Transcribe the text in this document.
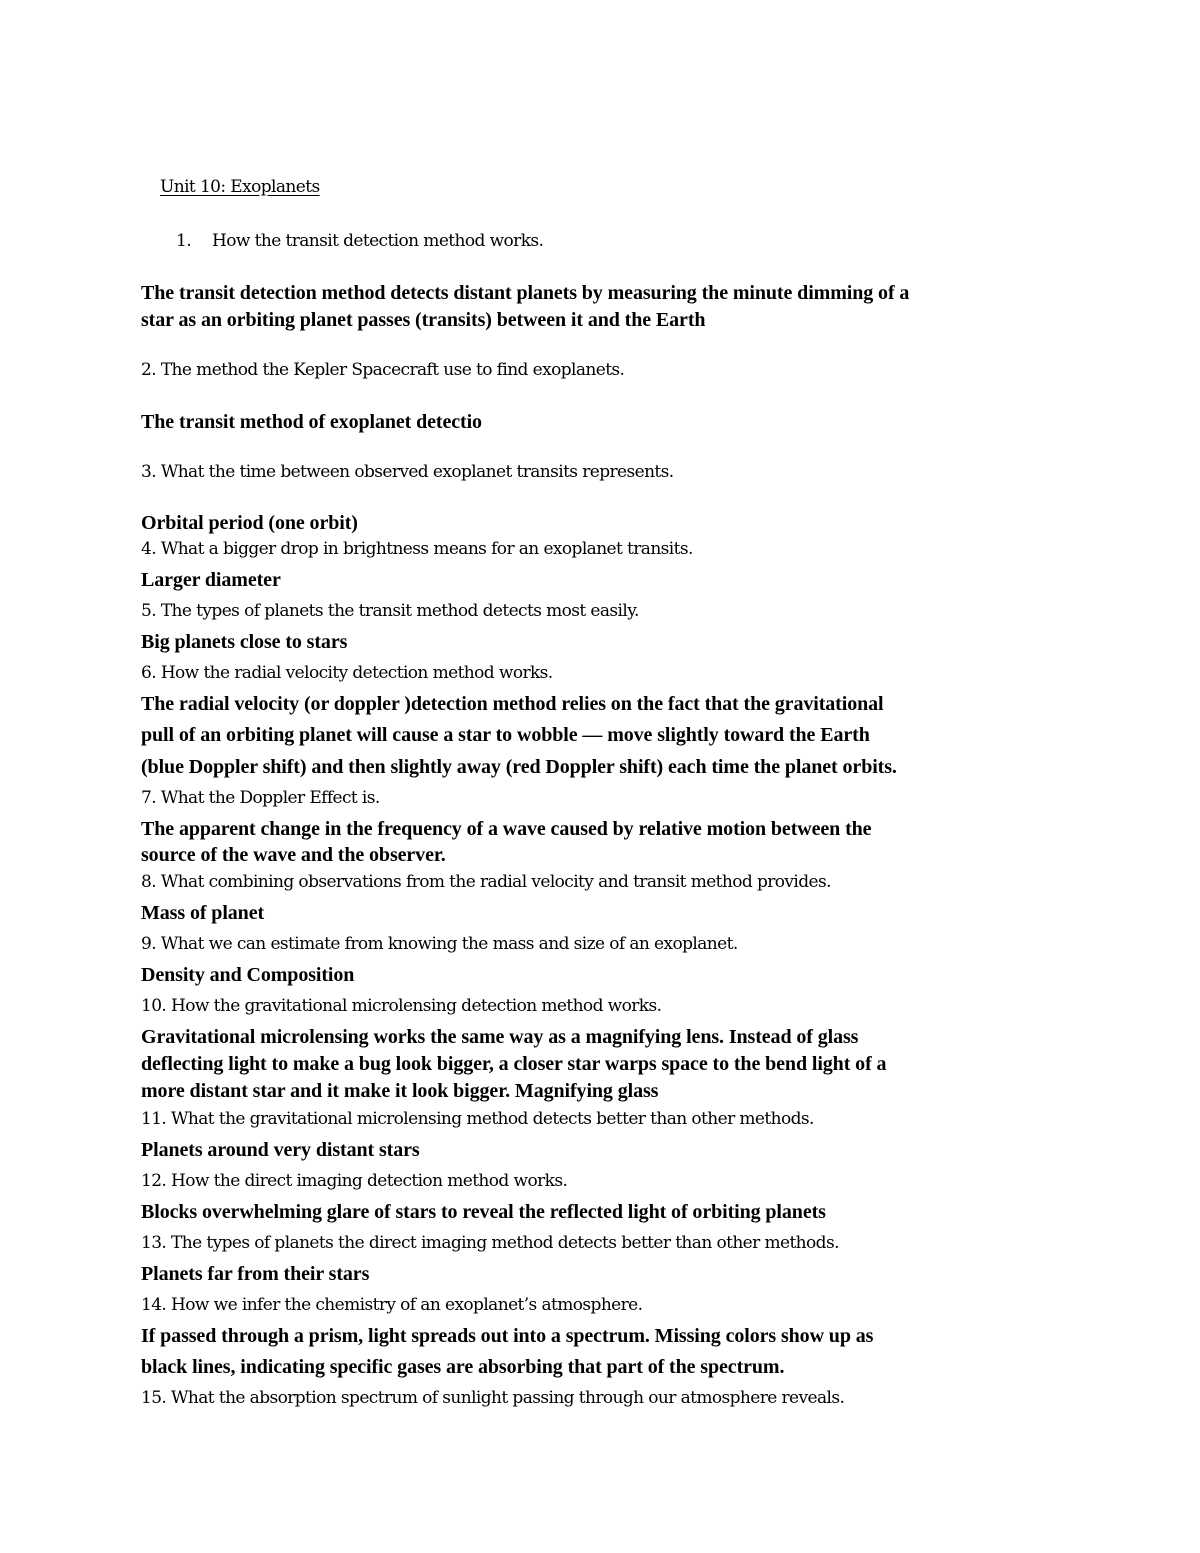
Unit 10: Exoplanets
1. How the transit detection method works.
The transit detection method detects distant planets by measuring the minute dimming of a
star as an orbiting planet passes (transits) between it and the Earth
2. The method the Kepler Spacecraft use to find exoplanets.
The transit method of exoplanet detectio
3. What the time between observed exoplanet transits represents.
Orbital period (one orbit)
4. What a bigger drop in brightness means for an exoplanet transits.
Larger diameter
5. The types of planets the transit method detects most easily.
Big planets close to stars
6. How the radial velocity detection method works.
The radial velocity (or doppler )detection method relies on the fact that the gravitational
pull of an orbiting planet will cause a star to wobble — move slightly toward the Earth
(blue Doppler shift) and then slightly away (red Doppler shift) each time the planet orbits.
7. What the Doppler Effect is.
The apparent change in the frequency of a wave caused by relative motion between the
source of the wave and the observer.
8. What combining observations from the radial velocity and transit method provides.
Mass of planet
9. What we can estimate from knowing the mass and size of an exoplanet.
Density and Composition
10. How the gravitational microlensing detection method works.
Gravitational microlensing works the same way as a magnifying lens. Instead of glass
deflecting light to make a bug look bigger, a closer star warps space to the bend light of a
more distant star and it make it look bigger. Magnifying glass
11. What the gravitational microlensing method detects better than other methods.
Planets around very distant stars
12. How the direct imaging detection method works.
Blocks overwhelming glare of stars to reveal the reflected light of orbiting planets
13. The types of planets the direct imaging method detects better than other methods.
Planets far from their stars
14. How we infer the chemistry of an exoplanet’s atmosphere.
If passed through a prism, light spreads out into a spectrum. Missing colors show up as
black lines, indicating specific gases are absorbing that part of the spectrum.
15. What the absorption spectrum of sunlight passing through our atmosphere reveals.
